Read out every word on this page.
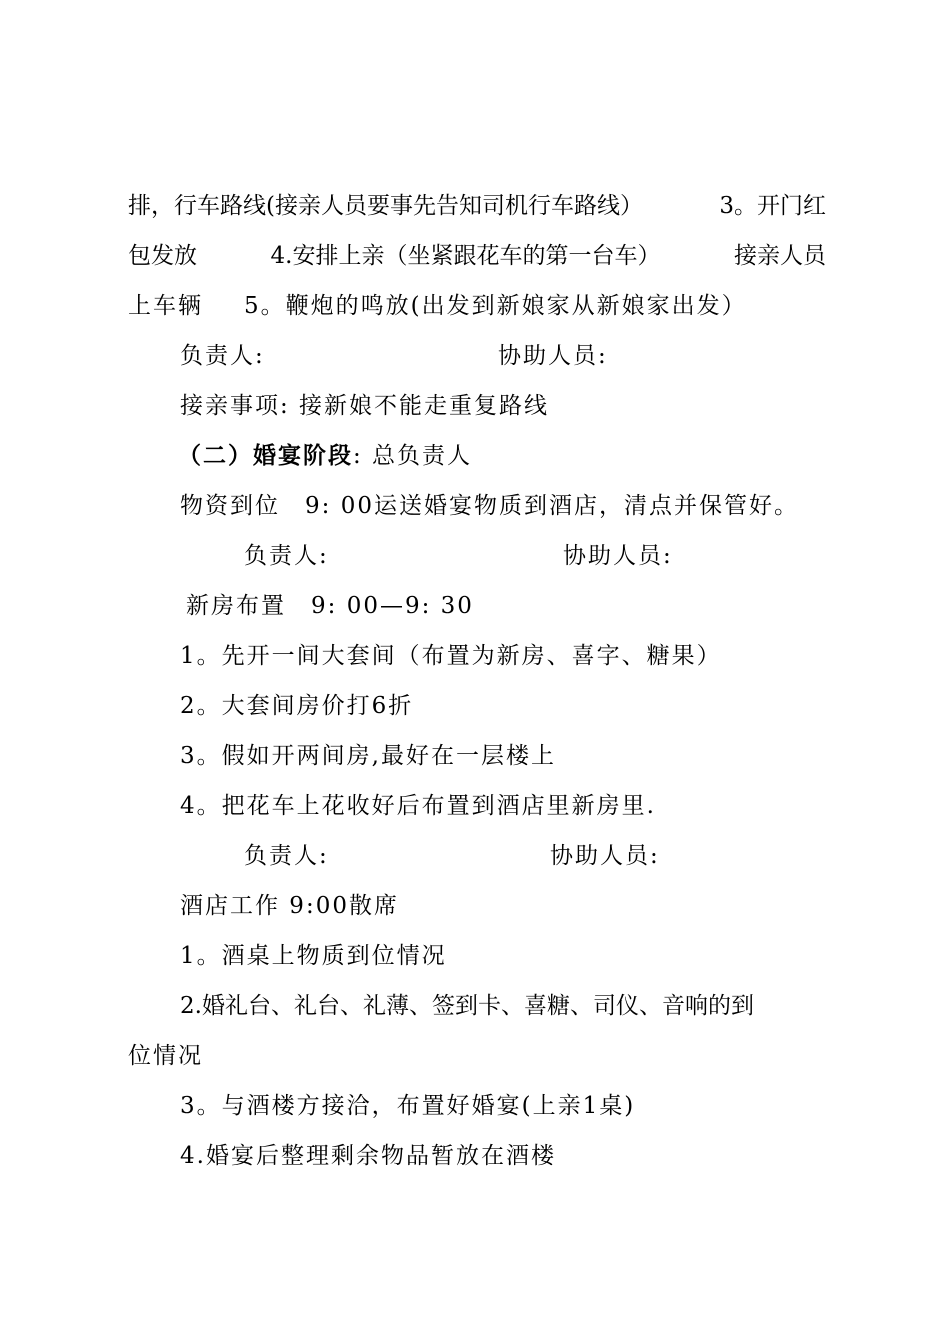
排，行车路线(接亲人员要事先告知司机行车路线）	3。开门红
包发放	4.安排上亲（坐紧跟花车的第一台车）	接亲人员
上车辆 5。鞭炮的鸣放(出发到新娘家从新娘家出发）
负责人:	协助人员:
接亲事项: 接新娘不能走重复路线
（二）婚宴阶段: 总负责人
物资到位　9: 00运送婚宴物质到酒店，清点并保管好。
负责人:	协助人员:
新房布置　9: 00—9: 30
1。先开一间大套间（布置为新房、喜字、糖果）
2。大套间房价打6折
3。假如开两间房,最好在一层楼上
4。把花车上花收好后布置到酒店里新房里.
负责人:	协助人员:
酒店工作 9:00散席
1。酒桌上物质到位情况
2.婚礼台、礼台、礼薄、签到卡、喜糖、司仪、音响的到
位情况
3。与酒楼方接洽，布置好婚宴(上亲1桌)
4.婚宴后整理剩余物品暂放在酒楼
